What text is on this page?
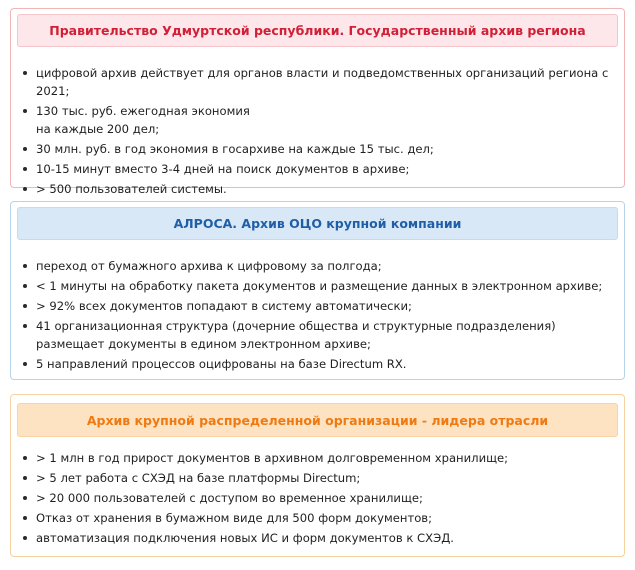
Правительство Удмуртской республики. Государственный архив региона
цифровой архив действует для органов власти и подведомственных организаций региона с 2021;
130 тыс. руб. ежегодная экономия
на каждые 200 дел;
30 млн. руб. в год экономия в госархиве на каждые 15 тыс. дел;
10-15 минут вместо 3-4 дней на поиск документов в архиве;
> 500 пользователей системы.
АЛРОСА. Архив ОЦО крупной компании
переход от бумажного архива к цифровому за полгода;
< 1 минуты на обработку пакета документов и размещение данных в электронном архиве;
> 92% всех документов попадают в систему автоматически;
41 организационная структура (дочерние общества и структурные подразделения) размещает документы в едином электронном архиве;
5 направлений процессов оцифрованы на базе Directum RX.
Архив крупной распределенной организации - лидера отрасли
> 1 млн в год прирост документов в архивном долговременном хранилище;
> 5 лет работа с СХЭД на базе платформы Directum;
> 20 000 пользователей с доступом во временное хранилище;
Отказ от хранения в бумажном виде для 500 форм документов;
автоматизация подключения новых ИС и форм документов к СХЭД.
